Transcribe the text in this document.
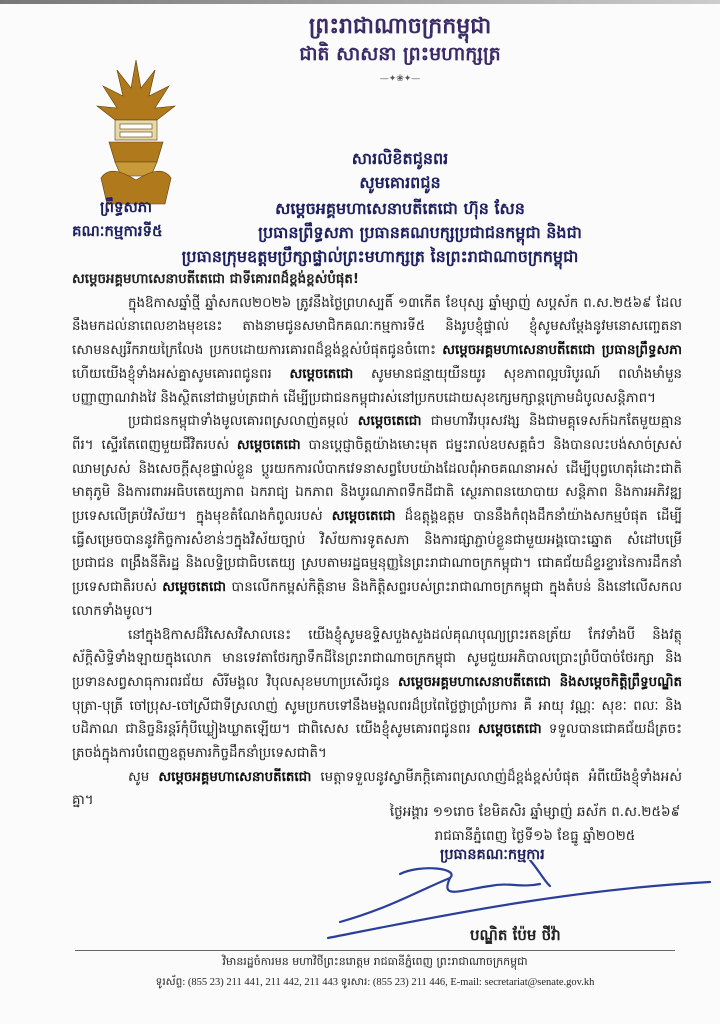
ព្រះរាជាណាចក្រកម្ពុជា
ជាតិ សាសនា ព្រះមហាក្សត្រ
—✦❀✦—
ព្រឹទ្ធសភា
គណៈកម្មការទី៥
សារលិខិតជូនពរ
សូមគោរពជូន
សម្តេចអគ្គមហាសេនាបតីតេជោ ហ៊ុន សែន
ប្រធានព្រឹទ្ធសភា ប្រធានគណបក្សប្រជាជនកម្ពុជា និងជា
ប្រធានក្រុមឧត្តមប្រឹក្សាផ្ទាល់ព្រះមហាក្សត្រ នៃព្រះរាជាណាចក្រកម្ពុជា

សម្តេចអគ្គមហាសេនាបតីតេជោ ជាទីគោរពដ៏ខ្ពង់ខ្ពស់បំផុត!

ក្នុងឱកាសឆ្នាំថ្មី ឆ្នាំសកល២០២៦ ត្រូវនឹងថ្ងៃព្រហស្បតិ៍ ១៣កើត ខែបុស្ស ឆ្នាំម្សាញ់ សប្តស័ក ព.ស.២៥៦៩ ដែលនឹងមកដល់នាពេលខាងមុខនេះ តាងនាមជូនសមាជិកគណៈកម្មការទី៥ និងរូបខ្ញុំផ្ទាល់ ខ្ញុំសូមសម្តែងនូវមនោសញ្ចេតនាសោមនស្សរីករាយក្រៃលែង ប្រកបដោយការគោរពដ៏ខ្ពង់ខ្ពស់បំផុតជូនចំពោះ សម្តេចអគ្គមហាសេនាបតីតេជោ ប្រធានព្រឹទ្ធសភា ហើយយើងខ្ញុំទាំងអស់គ្នាសូមគោរពជូនពរ សម្តេចតេជោ សូមមានជន្មាយុយឺនយូរ សុខភាពល្អបរិបូរណ៍ ពលាំងមាំមួន បញ្ញាញាណវាងវៃ និងស្ថិតនៅជាម្លប់ត្រជាក់ ដើម្បីប្រជាជនកម្ពុជារស់នៅប្រកបដោយសុខក្សេមក្សាន្តក្រោមដំបូលសន្តិភាព។

ប្រជាជនកម្ពុជាទាំងមូលគោរពស្រលាញ់តម្កល់ សម្តេចតេជោ ជាមហាវីរបុរសវង្ស និងជាមគ្គុទេសក៍ឯកតែមួយគ្មានពីរ។ ស្ទើរតែពេញមួយជីវិតរបស់ សម្តេចតេជោ បានប្តេជ្ញាចិត្តយ៉ាងមោះមុត ជម្នះរាល់ឧបសគ្គធំៗ និងបានលះបង់សាច់ស្រស់ឈាមស្រស់ និងសេចក្តីសុខផ្ទាល់ខ្លួន ប្តូរយកការលំបាកវេទនាសព្វបែបយ៉ាងដែលពុំអាចគណនាអស់ ដើម្បីបុព្វហេតុរំដោះជាតិមាតុភូមិ និងការពារអធិបតេយ្យភាព ឯករាជ្យ ឯកភាព និងបូរណភាពទឹកដីជាតិ ស្ថេរភាពនយោបាយ សន្តិភាព និងការអភិវឌ្ឍប្រទេសលើគ្រប់វិស័យ។ ក្នុងមុខតំណែងកំពូលរបស់ សម្តេចតេជោ ដ៏ឧត្តុង្គឧត្តម បាននឹងកំពុងដឹកនាំយ៉ាងសកម្មបំផុត ដើម្បីធ្វើសម្រេចបាននូវកិច្ចការសំខាន់ៗក្នុងវិស័យច្បាប់ វិស័យការទូតសភា និងការផ្សាភ្ជាប់ខ្លួនជាមួយអង្គបោះឆ្នោត សំដៅបម្រើប្រជាជន ពង្រឹងនីតិរដ្ឋ និងលទ្ធិប្រជាធិបតេយ្យ ស្របតាមរដ្ឋធម្មនុញ្ញនៃព្រះរាជាណាចក្រកម្ពុជា។ ជោគជ័យដ៏ខ្ទរខ្ទារនៃការដឹកនាំប្រទេសជាតិរបស់ សម្តេចតេជោ បានលើកកម្ពស់កិត្តិនាម និងកិត្តិសព្ទរបស់ព្រះរាជាណាចក្រកម្ពុជា ក្នុងតំបន់ និងនៅលើសកលលោកទាំងមូល។

នៅក្នុងឱកាសដ៏វិសេសវិសាលនេះ យើងខ្ញុំសូមឧទ្ទិសបួងសួងដល់គុណបុណ្យព្រះរតនត្រ័យ កែវទាំងបី និងវត្ថុស័ក្តិសិទ្ធិទាំងឡាយក្នុងលោក មានទេវតាថែរក្សាទឹកដីនៃព្រះរាជាណាចក្រកម្ពុជា សូមជួយអភិបាលប្រោះព្រំបីបាច់ថែរក្សា និងប្រទានសព្វសាធុការពរជ័យ សិរីមង្គល វិបុលសុខមហាប្រសើរជូន សម្តេចអគ្គមហាសេនាបតីតេជោ និងសម្តេចកិត្តិព្រឹទ្ធបណ្ឌិត បុត្រា-បុត្រី ចៅប្រុស-ចៅស្រីជាទីស្រលាញ់ សូមប្រកបទៅនឹងមង្គលពរដ៏ប្រពៃថ្លៃថ្លាប្រាំប្រការ គឺ អាយុ វណ្ណៈ សុខៈ ពលៈ និងបដិភាណ ជានិច្ចនិរន្តរ៍កុំបីឃ្លៀងឃ្លាតឡើយ។ ជាពិសេស យើងខ្ញុំសូមគោរពជូនពរ សម្តេចតេជោ ទទួលបានជោគជ័យដ៏ត្រចះត្រចង់ក្នុងការបំពេញឧត្តមភារកិច្ចដឹកនាំប្រទេសជាតិ។

សូម សម្តេចអគ្គមហាសេនាបតីតេជោ មេត្តាទទួលនូវស្វាមីភក្តិគោរពស្រលាញ់ដ៏ខ្ពង់ខ្ពស់បំផុត អំពីយើងខ្ញុំទាំងអស់គ្នា។

ថ្ងៃអង្គារ ១១រោច ខែមិគសិរ ឆ្នាំម្សាញ់ ឆស័ក ព.ស.២៥៦៩
រាជធានីភ្នំពេញ ថ្ងៃទី១៦ ខែធ្នូ ឆ្នាំ២០២៥
ប្រធានគណៈកម្មការ
បណ្ឌិត ប៉ែម ថីវ៉ា
វិមានរដ្ឋចំការមន មហាវិថីព្រះនរោត្តម រាជធានីភ្នំពេញ ព្រះរាជាណាចក្រកម្ពុជា
ទូរស័ព្ទ: (855 23) 211 441, 211 442, 211 443 ទូរសារ: (855 23) 211 446, E-mail: secretariat@senate.gov.kh
